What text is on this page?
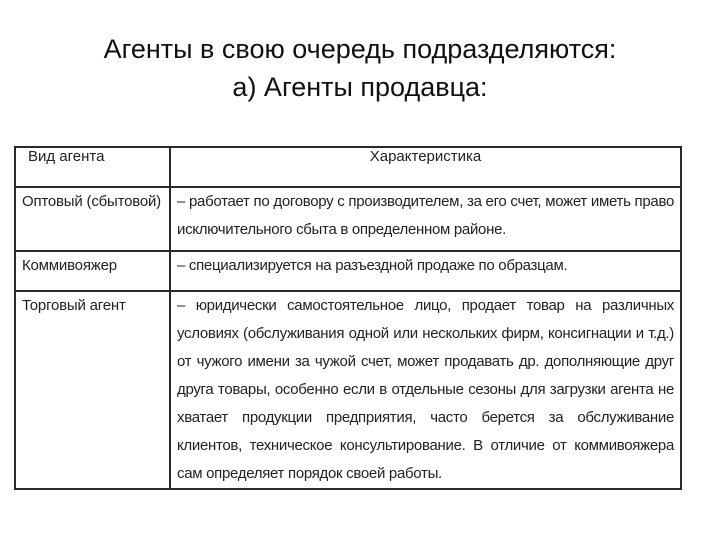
Агенты в свою очередь подразделяются:
а) Агенты продавца:
Вид агента	Характеристика
Оптовый (сбытовой)	– работает по договору с производителем, за его счет, может иметь право исключительного сбыта в определенном районе.
Коммивояжер	– специализируется на разъездной продаже по образцам.
Торговый агент	– юридически самостоятельное лицо, продает товар на различных условиях (обслуживания одной или нескольких фирм, консигнации и т.д.) от чужого имени за чужой счет, может продавать др. дополняющие друг друга товары, особенно если в отдельные сезоны для загрузки агента не хватает продукции предприятия, часто берется за обслуживание клиентов, техническое консультирование. В отличие от коммивояжера сам определяет порядок своей работы.
